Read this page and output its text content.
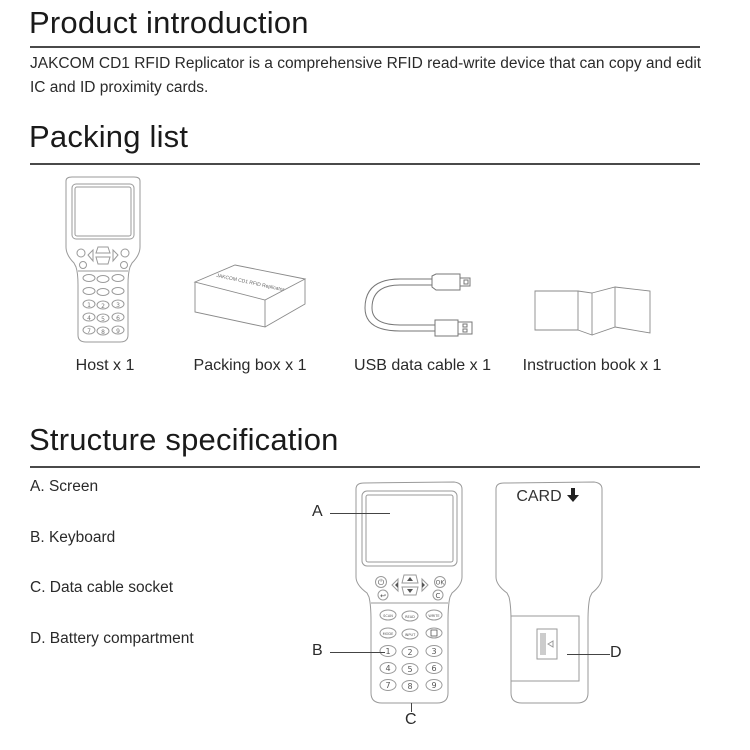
Product introduction
JAKCOM CD1 RFID Replicator is a comprehensive RFID read-write device that can copy and edit IC and ID proximity cards.
Packing list
1 2 3
4 5 6
7 8 9
JAKCOM CD1 RFID Replicator
Host x 1	Packing box x 1	USB data cable x 1	Instruction book x 1
Structure specification
A. Screen
B. Keyboard
C. Data cable socket
D. Battery compartment
⏻	OK
↩	C
SCAN	READ	WRITE
MODE	INPUT
1 2 3
4 5 6
7 8 9
A
B
C
CARD
D
